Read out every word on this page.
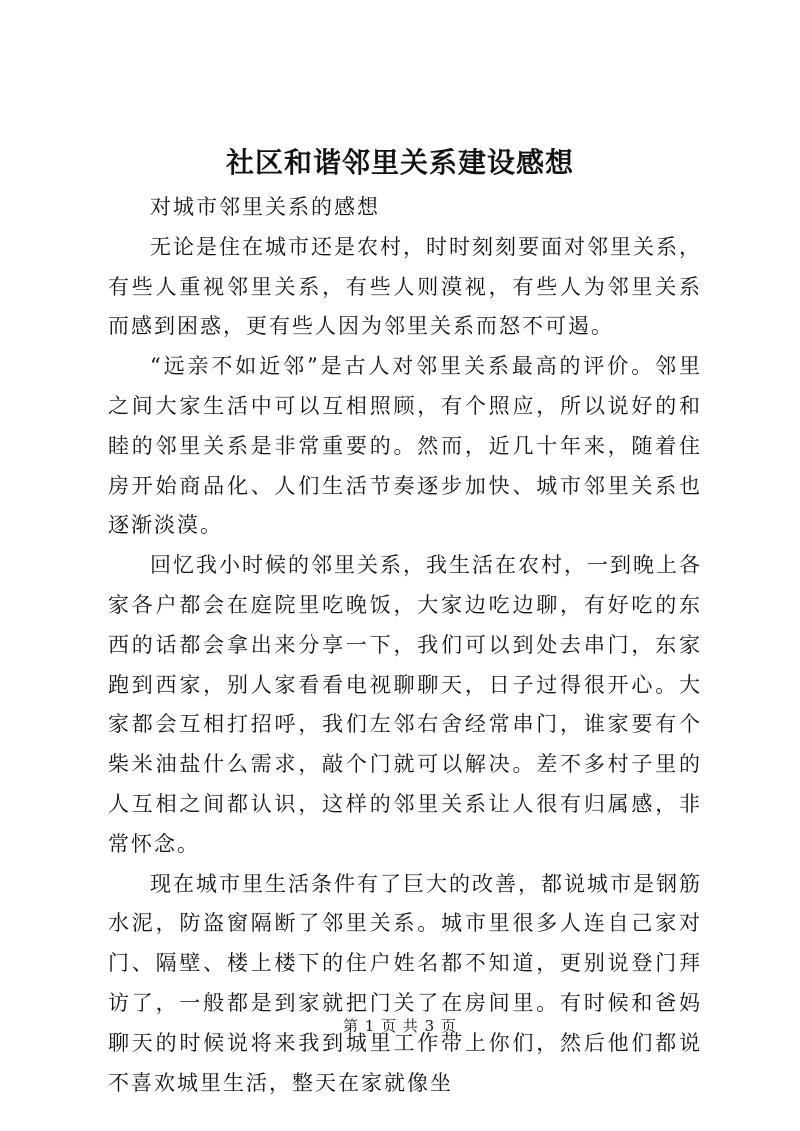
社区和谐邻里关系建设感想

对城市邻里关系的感想

无论是住在城市还是农村，时时刻刻要面对邻里关系，有些人重视邻里关系，有些人则漠视，有些人为邻里关系而感到困惑，更有些人因为邻里关系而怒不可遏。

“远亲不如近邻”是古人对邻里关系最高的评价。邻里之间大家生活中可以互相照顾，有个照应，所以说好的和睦的邻里关系是非常重要的。然而，近几十年来，随着住房开始商品化、人们生活节奏逐步加快、城市邻里关系也逐渐淡漠。

回忆我小时候的邻里关系，我生活在农村，一到晚上各家各户都会在庭院里吃晚饭，大家边吃边聊，有好吃的东西的话都会拿出来分享一下，我们可以到处去串门，东家跑到西家，别人家看看电视聊聊天，日子过得很开心。大家都会互相打招呼，我们左邻右舍经常串门，谁家要有个柴米油盐什么需求，敲个门就可以解决。差不多村子里的人互相之间都认识，这样的邻里关系让人很有归属感，非常怀念。

现在城市里生活条件有了巨大的改善，都说城市是钢筋水泥，防盗窗隔断了邻里关系。城市里很多人连自己家对门、隔壁、楼上楼下的住户姓名都不知道，更别说登门拜访了，一般都是到家就把门关了在房间里。有时候和爸妈聊天的时候说将来我到城里工作带上你们，然后他们都说不喜欢城里生活，整天在家就像坐

第 1 页 共 3 页
